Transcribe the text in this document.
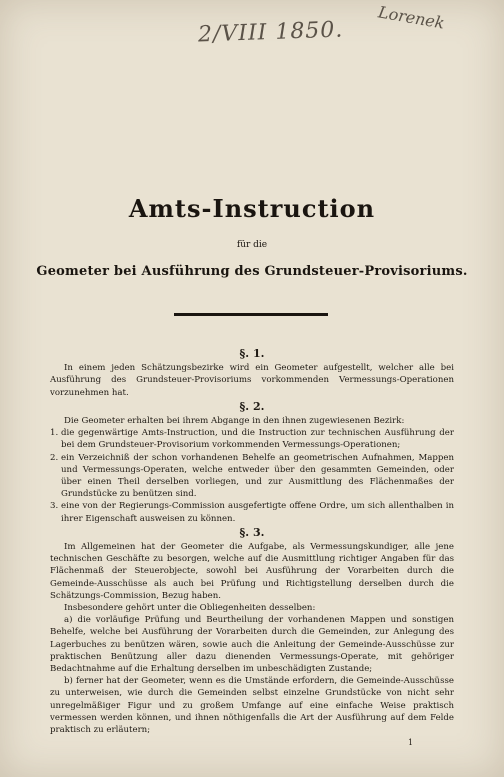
2/VIII 1850. Lorenek
Amts-Instruction
für die
Geometer bei Ausführung des Grundsteuer-Provisoriums.
§. 1.

In einem jeden Schätzungsbezirke wird ein Geometer aufgestellt, welcher alle bei Ausführung des Grundsteuer-Provisoriums vorkommenden Vermessungs-Operationen vorzunehmen hat.

§. 2.

Die Geometer erhalten bei ihrem Abgange in den ihnen zugewiesenen Bezirk:

1. die gegenwärtige Amts-Instruction, und die Instruction zur technischen Ausführung der bei dem Grundsteuer-Provisorium vorkommenden Vermessungs-Operationen;
2. ein Verzeichniß der schon vorhandenen Behelfe an geometrischen Aufnahmen, Mappen und Vermessungs-Operaten, welche entweder über den gesammten Gemeinden, oder über einen Theil derselben vorliegen, und zur Ausmittlung des Flächenmaßes der Grundstücke zu benützen sind.
3. eine von der Regierungs-Commission ausgefertigte offene Ordre, um sich allenthalben in ihrer Eigenschaft ausweisen zu können.
§. 3.

Im Allgemeinen hat der Geometer die Aufgabe, als Vermessungskundiger, alle jene technischen Geschäfte zu besorgen, welche auf die Ausmittlung richtiger Angaben für das Flächenmaß der Steuerobjecte, sowohl bei Ausführung der Vorarbeiten durch die Gemeinde-Ausschüsse als auch bei Prüfung und Richtigstellung derselben durch die Schätzungs-Commission, Bezug haben.

Insbesondere gehört unter die Obliegenheiten desselben:

a) die vorläufige Prüfung und Beurtheilung der vorhandenen Mappen und sonstigen Behelfe, welche bei Ausführung der Vorarbeiten durch die Gemeinden, zur Anlegung des Lagerbuches zu benützen wären, sowie auch die Anleitung der Gemeinde-Ausschüsse zur praktischen Benützung aller dazu dienenden Vermessungs-Operate, mit gehöriger Bedachtnahme auf die Erhaltung derselben im unbeschädigten Zustande;

b) ferner hat der Geometer, wenn es die Umstände erfordern, die Gemeinde-Ausschüsse zu unterweisen, wie durch die Gemeinden selbst einzelne Grundstücke von nicht sehr unregelmäßiger Figur und zu großem Umfange auf eine einfache Weise praktisch vermessen werden können, und ihnen nöthigenfalls die Art der Ausführung auf dem Felde praktisch zu erläutern;

1
